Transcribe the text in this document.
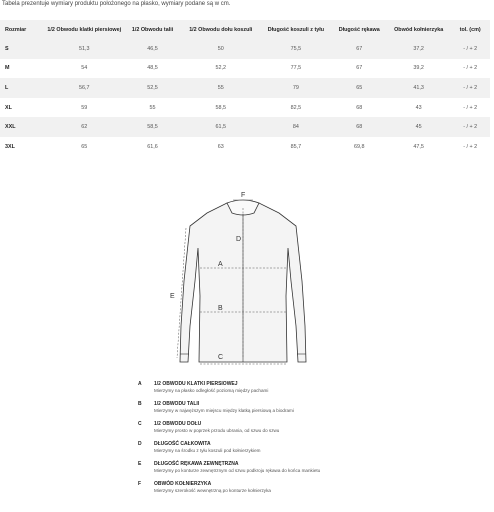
Tabela prezentuje wymiary produktu położonego na płasko, wymiary podane są w cm.
Rozmiar	1/2 Obwodu klatki piersiowej	1/2 Obwodu talii	1/2 Obwodu dołu koszuli	Długość koszuli z tyłu	Długość rękawa	Obwód kołnierzyka	tol. (cm)
S	51,3	46,5	50	75,5	67	37,2	- / + 2
M	54	48,5	52,2	77,5	67	39,2	- / + 2
L	56,7	52,5	55	79	65	41,3	- / + 2
XL	59	55	58,5	82,5	68	43	- / + 2
XXL	62	58,5	61,5	84	68	45	- / + 2
3XL	65	61,6	63	85,7	69,8	47,5	- / + 2
F
D
A
B
C
E
A 1/2 OBWODU KLATKI PIERSIOWEJ
Mierzymy na płasko odległość poziomą między pachami
B 1/2 OBWODU TALII
Mierzymy w najwęższym miejscu między klatką piersiową a biodrami
C 1/2 OBWODU DOŁU
Mierzymy prosto w poprzek przodu ubrania, od szwu do szwu
D DŁUGOŚĆ CAŁKOWITA
Mierzymy na środku z tyłu koszuli pod kołnierzykiem
E	DŁUGOŚĆ RĘKAWA ZEWNĘTRZNA
Mierzymy po konturze zewnętrznym od szwu podkroju rękawa do końca mankietu
F	OBWÓD KOŁNIERZYKA
Mierzymy szerokość wewnętrzną po konturze kołnierzyka
